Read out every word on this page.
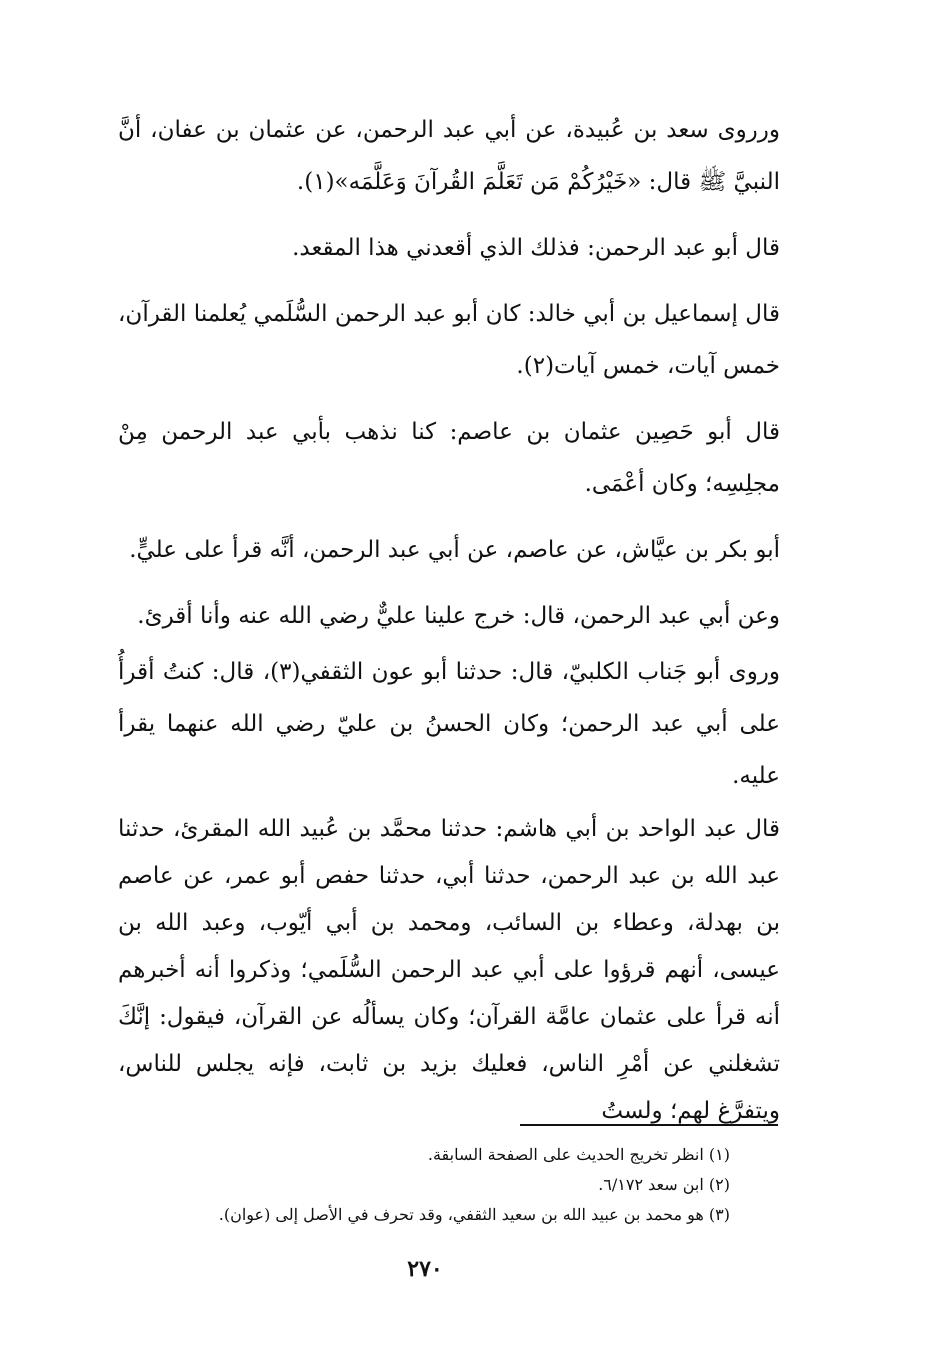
ورروى سعد بن عُبيدة، عن أبي عبد الرحمن، عن عثمان بن عفان، أنَّ النبيَّ ﷺ قال: «خَيْرُكُمْ مَن تَعَلَّمَ القُرآنَ وَعَلَّمَه»(١).

قال أبو عبد الرحمن: فذلك الذي أقعدني هذا المقعد.

قال إسماعيل بن أبي خالد: كان أبو عبد الرحمن السُّلَمي يُعلمنا القرآن، خمس آيات، خمس آيات(٢).

قال أبو حَصِين عثمان بن عاصم: كنا نذهب بأبي عبد الرحمن مِنْ مجلِسِه؛ وكان أعْمَى.

أبو بكر بن عيَّاش، عن عاصم، عن أبي عبد الرحمن، أنَّه قرأ على عليٍّ.

وعن أبي عبد الرحمن، قال: خرج علينا عليٌّ رضي الله عنه وأنا أقرئ.

وروى أبو جَناب الكلبيّ، قال: حدثنا أبو عون الثقفي(٣)، قال: كنتُ أقرأُ على أبي عبد الرحمن؛ وكان الحسنُ بن عليّ رضي الله عنهما يقرأ عليه.

قال عبد الواحد بن أبي هاشم: حدثنا محمَّد بن عُبيد الله المقرئ، حدثنا عبد الله بن عبد الرحمن، حدثنا أبي، حدثنا حفص أبو عمر، عن عاصم بن بهدلة، وعطاء بن السائب، ومحمد بن أبي أيّوب، وعبد الله بن عيسى، أنهم قرؤوا على أبي عبد الرحمن السُّلَمي؛ وذكروا أنه أخبرهم أنه قرأ على عثمان عامَّة القرآن؛ وكان يسألُه عن القرآن، فيقول: إنَّكَ تشغلني عن أمْرِ الناس، فعليك بزيد بن ثابت، فإنه يجلس للناس، ويتفرَّغ لهم؛ ولستُ

(١) انظر تخريج الحديث على الصفحة السابقة.

(٢) ابن سعد ٦/١٧٢.

(٣) هو محمد بن عبيد الله بن سعيد الثقفي، وقد تحرف في الأصل إلى (عوان).

٢٧٠
